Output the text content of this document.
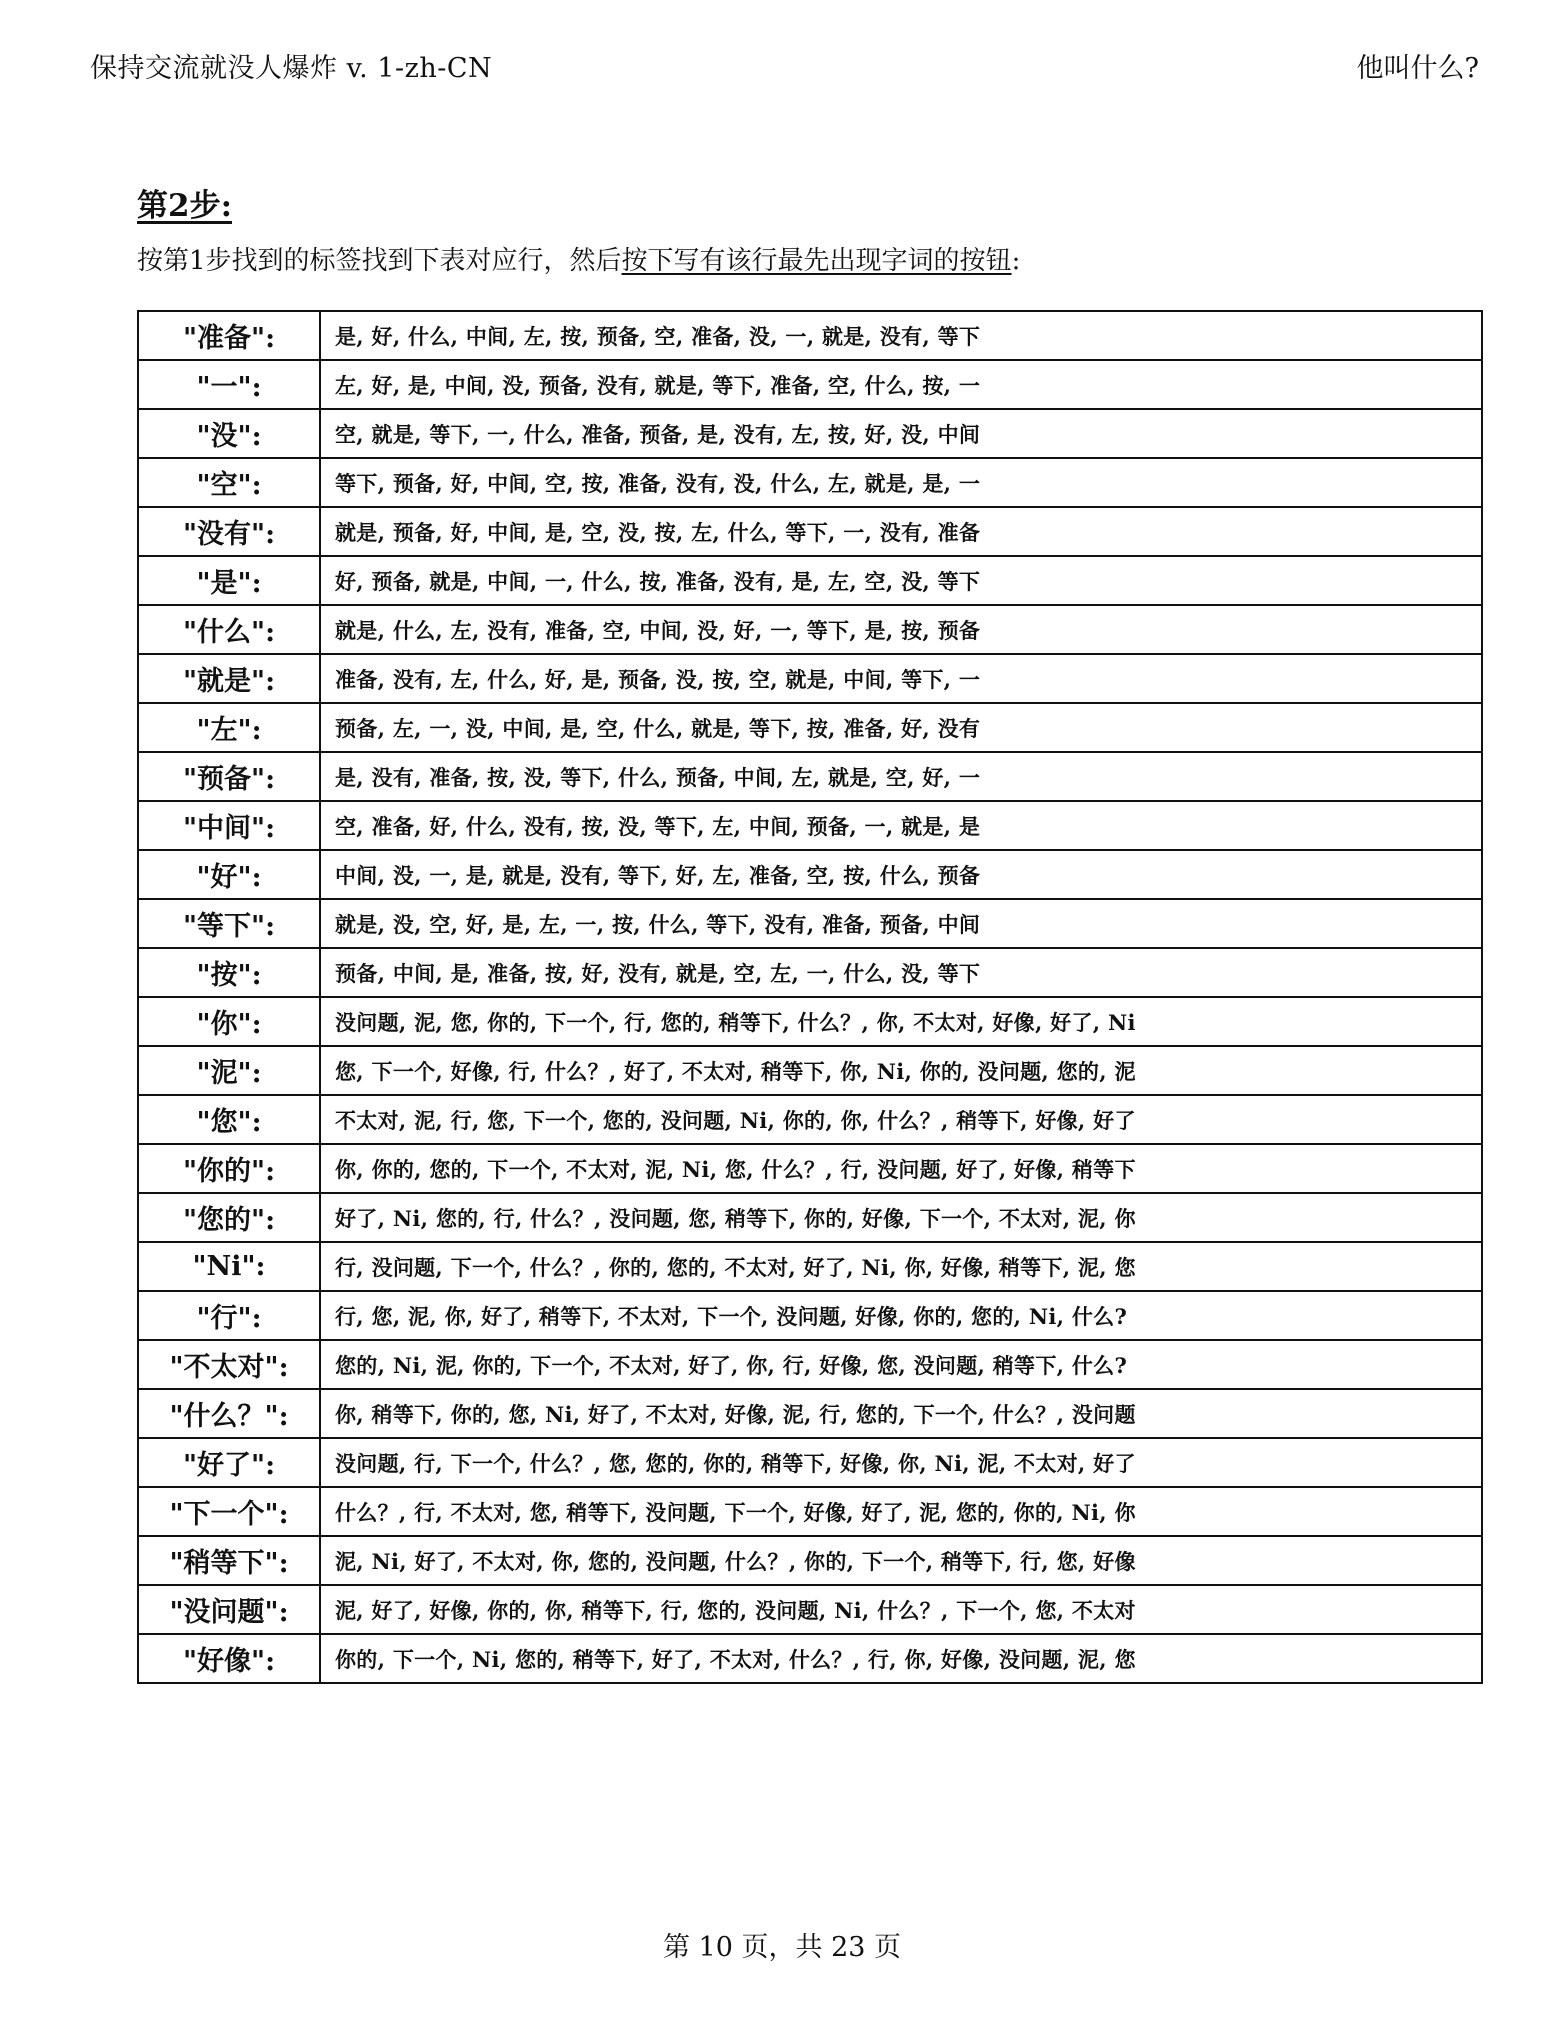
保持交流就没人爆炸 v. 1-zh-CN	他叫什么?
第2步:
按第1步找到的标签找到下表对应行，然后按下写有该行最先出现字词的按钮:
"准备":	是, 好, 什么, 中间, 左, 按, 预备, 空, 准备, 没, 一, 就是, 没有, 等下
"一":	左, 好, 是, 中间, 没, 预备, 没有, 就是, 等下, 准备, 空, 什么, 按, 一
"没":	空, 就是, 等下, 一, 什么, 准备, 预备, 是, 没有, 左, 按, 好, 没, 中间
"空":	等下, 预备, 好, 中间, 空, 按, 准备, 没有, 没, 什么, 左, 就是, 是, 一
"没有":	就是, 预备, 好, 中间, 是, 空, 没, 按, 左, 什么, 等下, 一, 没有, 准备
"是":	好, 预备, 就是, 中间, 一, 什么, 按, 准备, 没有, 是, 左, 空, 没, 等下
"什么":	就是, 什么, 左, 没有, 准备, 空, 中间, 没, 好, 一, 等下, 是, 按, 预备
"就是":	准备, 没有, 左, 什么, 好, 是, 预备, 没, 按, 空, 就是, 中间, 等下, 一
"左":	预备, 左, 一, 没, 中间, 是, 空, 什么, 就是, 等下, 按, 准备, 好, 没有
"预备":	是, 没有, 准备, 按, 没, 等下, 什么, 预备, 中间, 左, 就是, 空, 好, 一
"中间":	空, 准备, 好, 什么, 没有, 按, 没, 等下, 左, 中间, 预备, 一, 就是, 是
"好":	中间, 没, 一, 是, 就是, 没有, 等下, 好, 左, 准备, 空, 按, 什么, 预备
"等下":	就是, 没, 空, 好, 是, 左, 一, 按, 什么, 等下, 没有, 准备, 预备, 中间
"按":	预备, 中间, 是, 准备, 按, 好, 没有, 就是, 空, 左, 一, 什么, 没, 等下
"你":	没问题, 泥, 您, 你的, 下一个, 行, 您的, 稍等下, 什么？, 你, 不太对, 好像, 好了, Ni
"泥":	您, 下一个, 好像, 行, 什么？, 好了, 不太对, 稍等下, 你, Ni, 你的, 没问题, 您的, 泥
"您":	不太对, 泥, 行, 您, 下一个, 您的, 没问题, Ni, 你的, 你, 什么？, 稍等下, 好像, 好了
"你的":	你, 你的, 您的, 下一个, 不太对, 泥, Ni, 您, 什么？, 行, 没问题, 好了, 好像, 稍等下
"您的":	好了, Ni, 您的, 行, 什么？, 没问题, 您, 稍等下, 你的, 好像, 下一个, 不太对, 泥, 你
"Ni":	行, 没问题, 下一个, 什么？, 你的, 您的, 不太对, 好了, Ni, 你, 好像, 稍等下, 泥, 您
"行":	行, 您, 泥, 你, 好了, 稍等下, 不太对, 下一个, 没问题, 好像, 你的, 您的, Ni, 什么?
"不太对":	您的, Ni, 泥, 你的, 下一个, 不太对, 好了, 你, 行, 好像, 您, 没问题, 稍等下, 什么?
"什么？":	你, 稍等下, 你的, 您, Ni, 好了, 不太对, 好像, 泥, 行, 您的, 下一个, 什么？, 没问题
"好了":	没问题, 行, 下一个, 什么？, 您, 您的, 你的, 稍等下, 好像, 你, Ni, 泥, 不太对, 好了
"下一个":	什么？, 行, 不太对, 您, 稍等下, 没问题, 下一个, 好像, 好了, 泥, 您的, 你的, Ni, 你
"稍等下":	泥, Ni, 好了, 不太对, 你, 您的, 没问题, 什么？, 你的, 下一个, 稍等下, 行, 您, 好像
"没问题":	泥, 好了, 好像, 你的, 你, 稍等下, 行, 您的, 没问题, Ni, 什么？, 下一个, 您, 不太对
"好像":	你的, 下一个, Ni, 您的, 稍等下, 好了, 不太对, 什么？, 行, 你, 好像, 没问题, 泥, 您
第 10 页，共 23 页
